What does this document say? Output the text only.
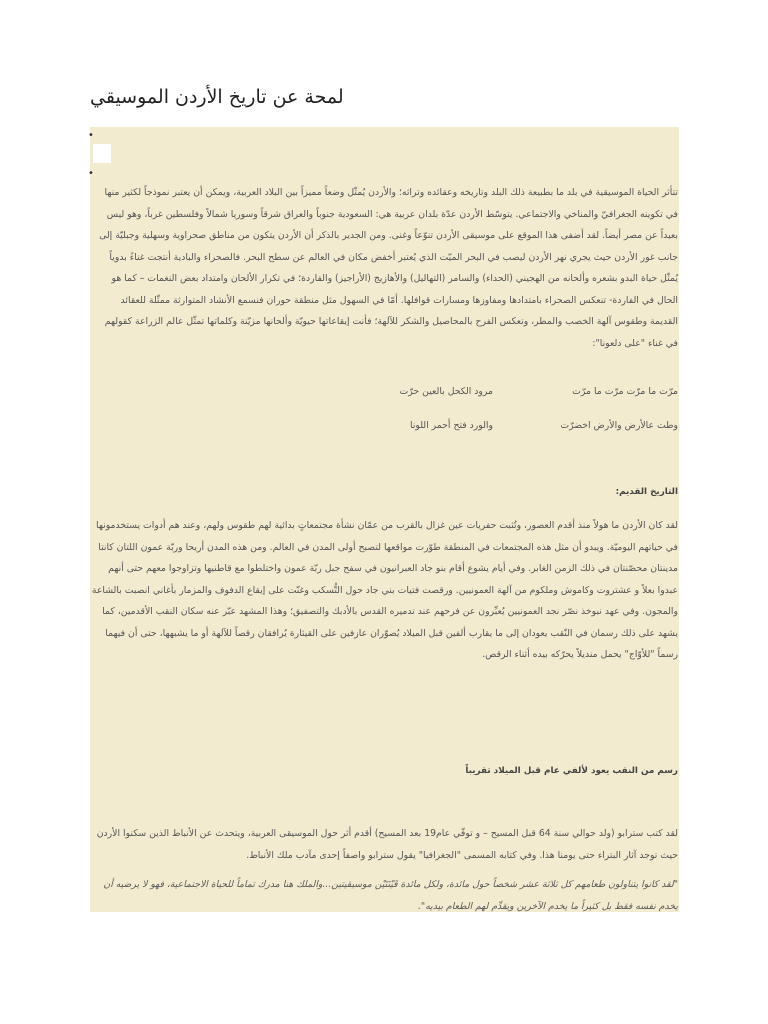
لمحة عن تاريخ الأردن الموسيقي
•
•
تتأثر الحياة الموسيقية في بلد ما بطبيعة ذلك البلد وتاريخه وعقائده وتراثه؛ والأردن يُمثّل وضعاً مميزاً بين البلاد العربية، ويمكن أن يعتبر نموذجاً لكثير منها في تكوينه الجغرافيّ والمناخي والاجتماعي. يتوسّط الأردن عدّة بلدان عربية هي: السعودية جنوباً والعراق شرقاً وسوريا شمالاً وفلسطين غرباً، وهو ليس بعيداً عن مصر أيضاً. لقد أضفى هذا الموقع على موسيقى الأردن تنوّعاً وغنى. ومن الجدير بالذكر أن الأردن يتكون من مناطق صحراوية وسهلية وجبليّة إلى جانب غور الأردن حيث يجري نهر الأردن ليصب في البحر الميّت الذي يُعتبر أخفض مكان في العالم عن سطح البحر. فالصحراء والبادية أنتجت غناءً بدوياً يُمثّل حياة البدو بشعره وألحانه من الهجيني (الحداء) والسامر (التهاليل) والأهازيج (الأراجيز) والفاردة؛ في تكرار الألحان وامتداد بعض النغمات – كما هو الحال في الفاردة- تنعكس الصحراء بامتدادها ومفاوزها ومسارات قوافلها. أمّا في السهول مثل منطقة حوران فنسمع الأنشاد المتوارثة ممثّلة للعقائد القديمة وطقوس آلهة الخصب والمطر، وتعكس الفرح بالمحاصيل والشكر للآلهة؛ فأنت إيقاعاتها حيويّة وألحانها مزيّنة وكلماتها تمثّل عالم الزراعة كقولهم في غناء "على دلعونا":
مرّت ما مرّت مرّت ما مرّت
مرود الكحل بالعين حرّت
وطت عالأرض والأرض اخضرّت
والورد فتح أحمر اللونا
التاريخ القديم:
لقد كان الأردن ما هولاً منذ أقدم العصور، وتُثبت حفريات عين غزال بالقرب من عمّان نشأة مجتمعاتٍ بدائية لهم طقوس ولهم، وعند هم أدوات يستخدمونها في حياتهم اليوميّة. ويبدو أن مثل هذه المجتمعات في المنطقة طوّرت مواقعها لتصبح أولى المدن في العالم. ومن هذه المدن أريحا وربّة عمون اللتان كانتا مدينتان محصّنتان في ذلك الزمن الغابر. وفي أيام يشوع أقام بنو جاد العبرانيون في سفح جبل ربّة عمون واختلطوا مع قاطنيها وتزاوجوا معهم حتى أنهم عبدوا بعلاً و عشتروت وكاموش وملكوم من آلهة العمونيين. ورقصت فتيات بني جاد حول التُّسكب وغنّت على إيقاع الدفوف والمزمار بأغاني انصبت بالشاعة والمجون. وفي عهد نبوخذ نصّر نجد العمونيين يُعبِّرون عن فرحهم عند تدميره القدس بالأدبك والتصفيق؛ وهذا المشهد عبّر عنه سكان النقب الأقدمين، كما يشهد على ذلك رسمان في النّقب يعودان إلى ما يقارب ألفين قبل الميلاد يُصوّران عازفين على القيثارة يُرافقان رقصاً للآلهة أو ما يشبهها، حتى أن فيهما رسماً "للأوّاج" يحمل منديلاً يحرّكه بيده أثناء الرقص.
رسم من النقب يعود لألفي عام قبل الميلاد تقريباً
لقد كتب سترابو (ولد حوالي سنة 64 قبل المسيح – و توفّي عام19 بعد المسيح) أقدم أثر حول الموسيقى العربية، ويتحدث عن الأنباط الذين سكنوا الأردن حيث توجد آثار البتراء حتى يومنا هذا. وفي كتابه المسمى "الجغرافيا" يقول سترابو واصفاً إحدى مآدب ملك الأنباط.
"لقد كانوا يتناولون طعامهم كل ثلاثة عشر شخصاً حول مائدة، ولكل مائدة قَيْنَتَيْن موسيقيتين...والملك هنا مدرك تماماً للحياة الاجتماعية، فهو لا يرضيه أن يخدم نفسه فقط بل كثيراً ما يخدم الآخرين ويقدِّم لهم الطعام بيديه".
